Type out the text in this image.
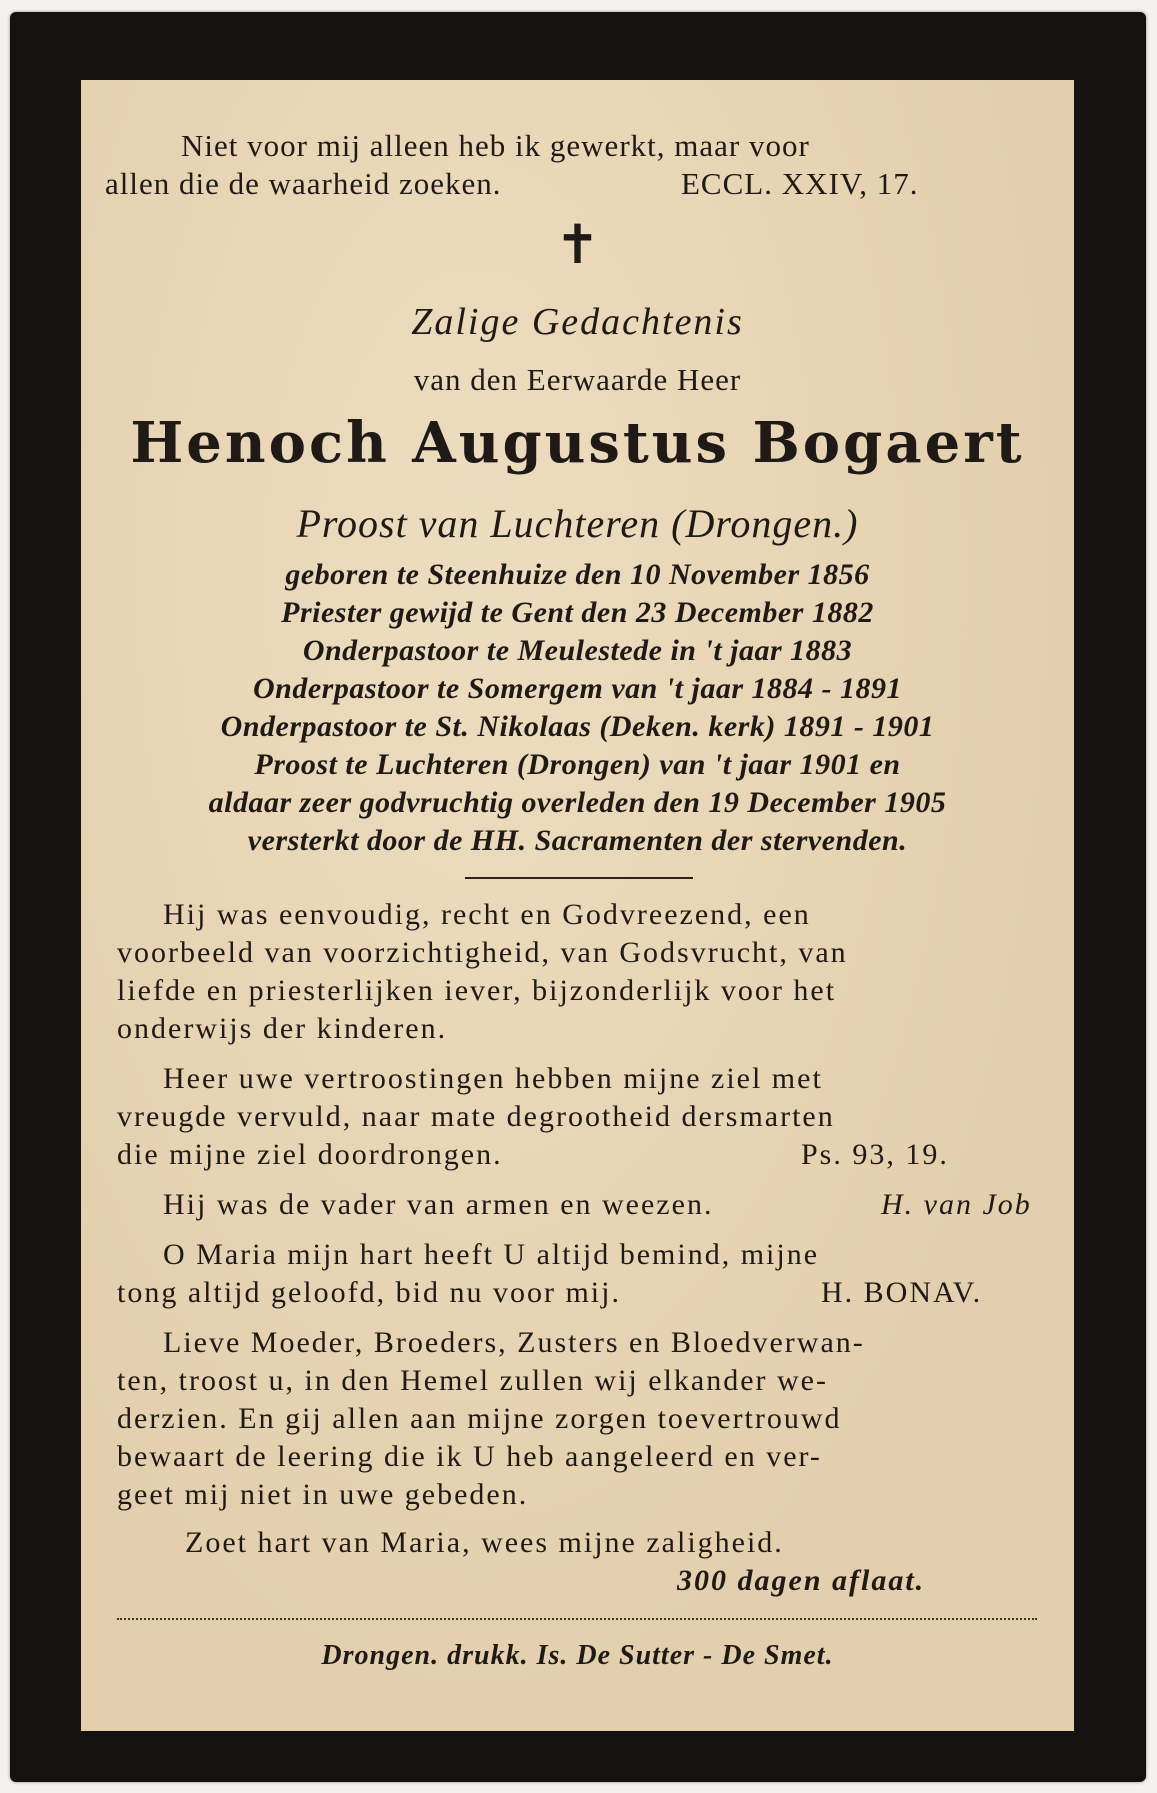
Niet voor mij alleen heb ik gewerkt, maar voor
allen die de waarheid zoeken.	ECCL. XXIV, 17.
✝
Zalige Gedachtenis
van den Eerwaarde Heer
Henoch Augustus Bogaert
Proost van Luchteren (Drongen.)
geboren te Steenhuize den 10 November 1856
Priester gewijd te Gent den 23 December 1882
Onderpastoor te Meulestede in 't jaar 1883
Onderpastoor te Somergem van 't jaar 1884 - 1891
Onderpastoor te St. Nikolaas (Deken. kerk) 1891 - 1901
Proost te Luchteren (Drongen) van 't jaar 1901 en
aldaar zeer godvruchtig overleden den 19 December 1905
versterkt door de HH. Sacramenten der stervenden.
Hij was eenvoudig, recht en Godvreezend, een
voorbeeld van voorzichtigheid, van Godsvrucht, van
liefde en priesterlijken iever, bijzonderlijk voor het
onderwijs der kinderen.
Heer uwe vertroostingen hebben mijne ziel met
vreugde vervuld, naar mate degrootheid dersmarten
die mijne ziel doordrongen.	Ps. 93, 19.
Hij was de vader van armen en weezen.	H. van Job
O Maria mijn hart heeft U altijd bemind, mijne
tong altijd geloofd, bid nu voor mij.	H. BONAV.
Lieve Moeder, Broeders, Zusters en Bloedverwan-
ten, troost u, in den Hemel zullen wij elkander we-
derzien. En gij allen aan mijne zorgen toevertrouwd
bewaart de leering die ik U heb aangeleerd en ver-
geet mij niet in uwe gebeden.
Zoet hart van Maria, wees mijne zaligheid.
300 dagen aflaat.
Drongen. drukk. Is. De Sutter - De Smet.
